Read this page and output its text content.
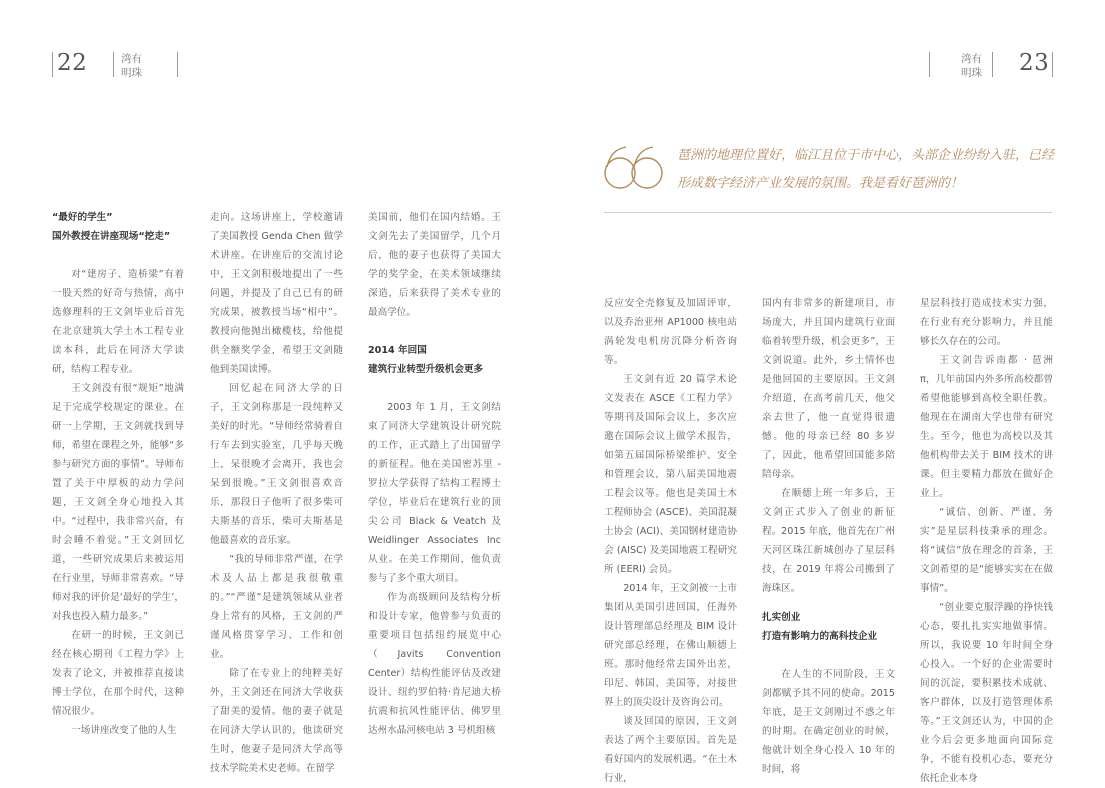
22	湾有
明珠
湾有
明珠 23
琶洲的地理位置好，临江且位于市中心，头部企业纷纷入驻，已经形成数字经济产业发展的氛围。我是看好琶洲的！

“最好的学生”

国外教授在讲座现场“挖走”

对“建房子、造桥梁”有着一股天然的好奇与热情，高中选修理科的王文剑毕业后首先在北京建筑大学土木工程专业读本科，此后在同济大学读研，结构工程专业。

王文剑没有很“规矩”地满足于完成学校规定的课业。在研一上学期，王文剑就找到导师，希望在课程之外，能够“多参与研究方面的事情”。导师布置了关于中厚板的动力学问题，王文剑全身心地投入其中。“过程中，我非常兴奋，有时会睡不着觉。”王文剑回忆道，一些研究成果后来被运用在行业里，导师非常喜欢。“导师对我的评价是‘最好的学生’，对我也投入精力最多。”

在研一的时候，王文剑已经在核心期刊《工程力学》上发表了论文，并被推荐直接读博士学位，在那个时代，这种情况很少。

一场讲座改变了他的人生

走向。这场讲座上，学校邀请了美国教授 Genda Chen 做学术讲座。在讲座后的交流讨论中，王文剑积极地提出了一些问题，并提及了自己已有的研究成果，被教授当场“相中”。教授向他抛出橄榄枝，给他提供全额奖学金，希望王文剑随他到美国读博。

回忆起在同济大学的日子，王文剑称那是一段纯粹又美好的时光。“导师经常骑着自行车去到实验室，几乎每天晚上，呆很晚才会离开，我也会呆到很晚。”王文剑很喜欢音乐，那段日子他听了很多柴可夫斯基的音乐，柴可夫斯基是他最喜欢的音乐家。

“我的导师非常严谨，在学术及人品上都是我很敬重的。”“严谨”是建筑领域从业者身上常有的风格，王文剑的严谨风格贯穿学习、工作和创业。

除了在专业上的纯粹美好外，王文剑还在同济大学收获了甜美的爱情。他的妻子就是在同济大学认识的，他读研究生时，他妻子是同济大学高等技术学院美术史老师。在留学

美国前，他们在国内结婚。王文剑先去了美国留学，几个月后，他的妻子也获得了美国大学的奖学金，在美术领域继续深造，后来获得了美术专业的最高学位。

2014 年回国

建筑行业转型升级机会更多

2003 年 1 月，王文剑结束了同济大学建筑设计研究院的工作，正式踏上了出国留学的新征程。他在美国密苏里 - 罗拉大学获得了结构工程博士学位，毕业后在建筑行业的顶尖公司 Black & Veatch 及 Weidlinger Associates Inc 从业。在美工作期间，他负责参与了多个重大项目。

作为高级顾问及结构分析和设计专家，他曾参与负责的重要项目包括纽约展览中心（Javits Convention Center）结构性能评估及改建设计、纽约罗伯特·肯尼迪大桥抗震和抗风性能评估、佛罗里达州水晶河核电站 3 号机组核

反应安全壳修复及加固评审，以及乔治亚州 AP1000 核电站涡轮发电机房沉降分析咨询等。

王文剑有近 20 篇学术论文发表在 ASCE《工程力学》等期刊及国际会议上，多次应邀在国际会议上做学术报告，如第五届国际桥梁维护、安全和管理会议，第八届美国地震工程会议等。他也是美国土木工程师协会 (ASCE)、美国混凝土协会 (ACI)、美国钢材建造协会 (AISC) 及美国地震工程研究所 (EERI) 会员。

2014 年，王文剑被一上市集团从美国引进回国，任海外设计管理部总经理及 BIM 设计研究部总经理，在佛山顺德上班。那时他经常去国外出差，印尼、韩国、美国等，对接世界上的顶尖设计及咨询公司。

谈及回国的原因，王文剑表达了两个主要原因。首先是看好国内的发展机遇。“在土木行业，

国内有非常多的新建项目，市场庞大，并且国内建筑行业面临着转型升级，机会更多”，王文剑说道。此外，乡土情怀也是他回国的主要原因。王文剑介绍道，在高考前几天，他父亲去世了，他一直觉得很遗憾。他的母亲已经 80 多岁了，因此，他希望回国能多陪陪母亲。

在顺德上班一年多后，王文剑正式步入了创业的新征程。2015 年底，他首先在广州天河区珠江新城创办了星层科技，在 2019 年将公司搬到了海珠区。

扎实创业

打造有影响力的高科技企业

在人生的不同阶段，王文剑都赋予其不同的使命。2015 年底，是王文剑刚过不惑之年的时期。在确定创业的时候，他就计划全身心投入 10 年的时间，将

星层科技打造成技术实力强，在行业有充分影响力，并且能够长久存在的公司。

王文剑告诉南都 · 琶洲 π，几年前国内外多所高校都曾希望他能够到高校全职任教。他现在在湖南大学也带有研究生。至今，他也为高校以及其他机构带去关于 BIM 技术的讲课。但主要精力都放在做好企业上。

“诚信、创新、严谨、务实”是星层科技秉承的理念。将“诚信”放在理念的首条，王文剑希望的是“能够实实在在做事情”。

“创业要克服浮躁的挣快钱心态，要扎扎实实地做事情。所以，我说要 10 年时间全身心投入。一个好的企业需要时间的沉淀，要积累技术成就、客户群体，以及打造管理体系等。”王文剑还认为，中国的企业今后会更多地面向国际竞争，不能有投机心态，要充分依托企业本身
